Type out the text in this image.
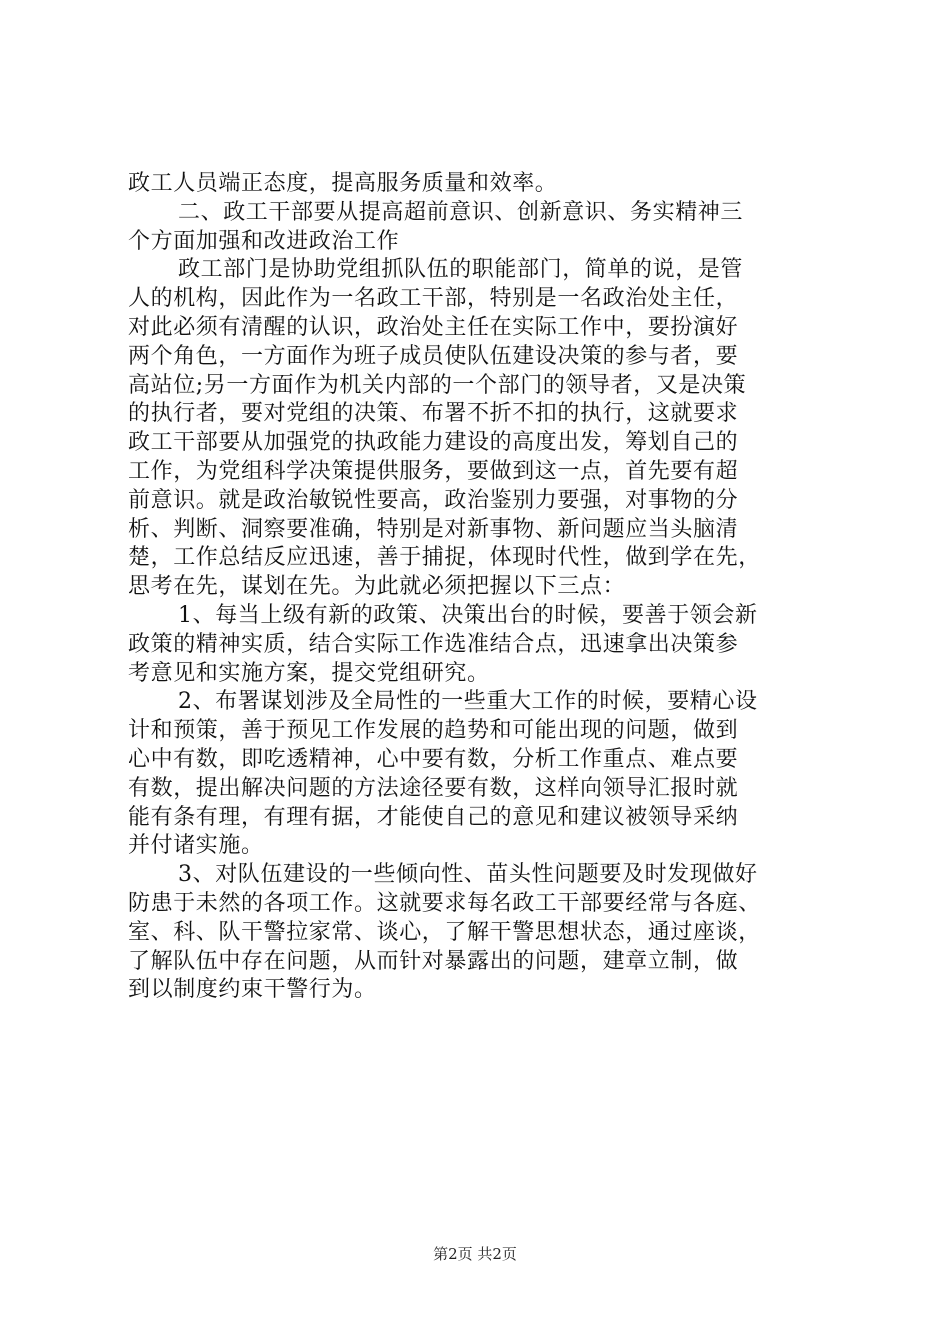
政工人员端正态度，提高服务质量和效率。
二、政工干部要从提高超前意识、创新意识、务实精神三
个方面加强和改进政治工作
政工部门是协助党组抓队伍的职能部门，简单的说，是管
人的机构，因此作为一名政工干部，特别是一名政治处主任，
对此必须有清醒的认识，政治处主任在实际工作中，要扮演好
两个角色，一方面作为班子成员使队伍建设决策的参与者，要
高站位;另一方面作为机关内部的一个部门的领导者，又是决策
的执行者，要对党组的决策、布署不折不扣的执行，这就要求
政工干部要从加强党的执政能力建设的高度出发，筹划自己的
工作，为党组科学决策提供服务，要做到这一点，首先要有超
前意识。就是政治敏锐性要高，政治鉴别力要强，对事物的分
析、判断、洞察要准确，特别是对新事物、新问题应当头脑清
楚，工作总结反应迅速，善于捕捉，体现时代性，做到学在先，
思考在先，谋划在先。为此就必须把握以下三点：
1、每当上级有新的政策、决策出台的时候，要善于领会新
政策的精神实质，结合实际工作选准结合点，迅速拿出决策参
考意见和实施方案，提交党组研究。
2、布署谋划涉及全局性的一些重大工作的时候，要精心设
计和预策，善于预见工作发展的趋势和可能出现的问题，做到
心中有数，即吃透精神，心中要有数，分析工作重点、难点要
有数，提出解决问题的方法途径要有数，这样向领导汇报时就
能有条有理，有理有据，才能使自己的意见和建议被领导采纳
并付诸实施。
3、对队伍建设的一些倾向性、苗头性问题要及时发现做好
防患于未然的各项工作。这就要求每名政工干部要经常与各庭、
室、科、队干警拉家常、谈心，了解干警思想状态，通过座谈，
了解队伍中存在问题，从而针对暴露出的问题，建章立制，做
到以制度约束干警行为。
第2页 共2页
